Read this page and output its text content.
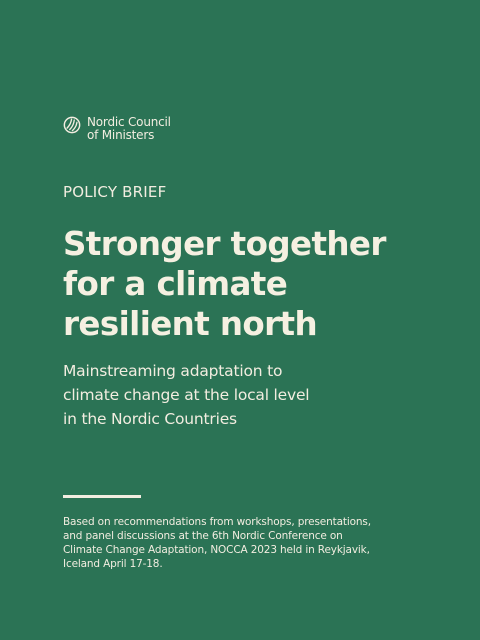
Nordic Council
of Ministers
POLICY BRIEF
Stronger together
for a climate
resilient north
Mainstreaming adaptation to
climate change at the local level
in the Nordic Countries
Based on recommendations from workshops, presentations,
and panel discussions at the 6th Nordic Conference on
Climate Change Adaptation, NOCCA 2023 held in Reykjavik,
Iceland April 17-18.
